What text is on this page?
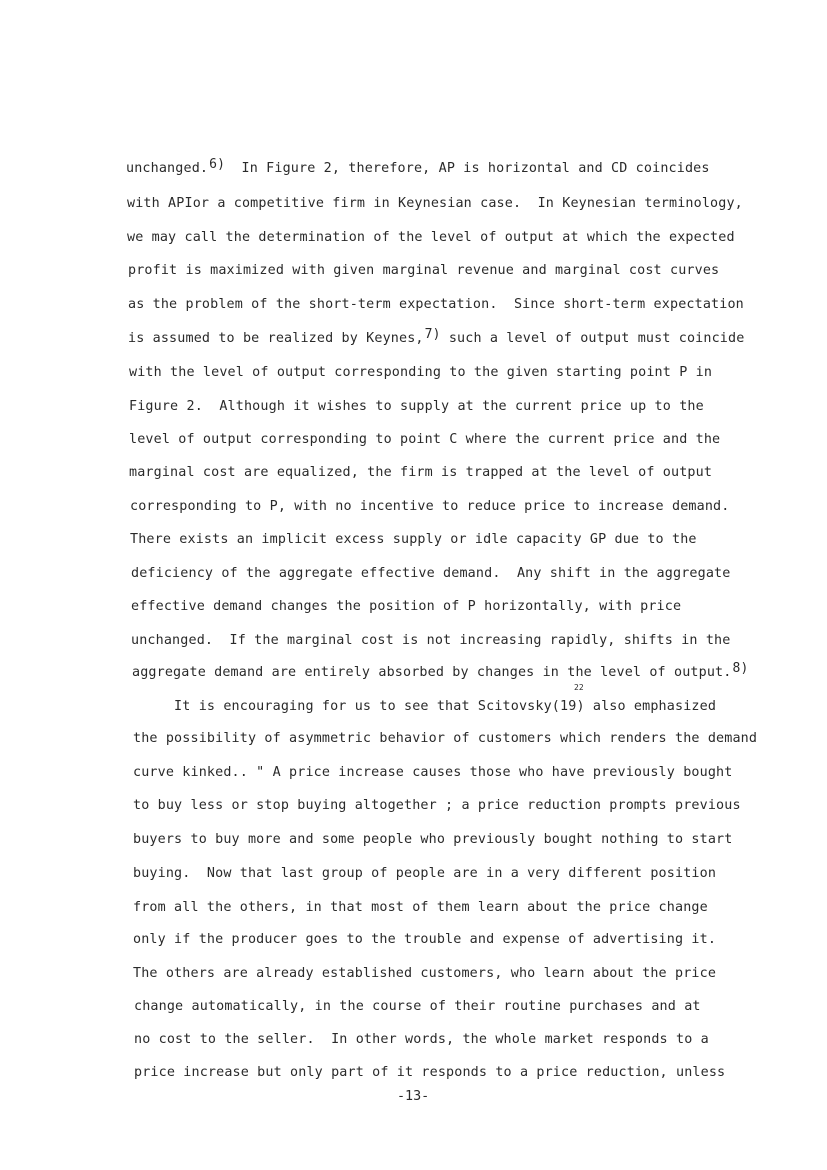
unchanged.$^{6)}$  In Figure 2, therefore, AP is horizontal and CD coincides
with APIor a competitive firm in Keynesian case.  In Keynesian terminology,
we may call the determination of the level of output at which the expected
profit is maximized with given marginal revenue and marginal cost curves
as the problem of the short-term expectation.  Since short-term expectation
is assumed to be realized by Keynes,$^{7)}$ such a level of output must coincide
with the level of output corresponding to the given starting point P in
Figure 2.  Although it wishes to supply at the current price up to the
level of output corresponding to point C where the current price and the
marginal cost are equalized, the firm is trapped at the level of output
corresponding to P, with no incentive to reduce price to increase demand.
There exists an implicit excess supply or idle capacity GP due to the
deficiency of the aggregate effective demand.  Any shift in the aggregate
effective demand changes the position of P horizontally, with price
unchanged.  If the marginal cost is not increasing rapidly, shifts in the
aggregate demand are entirely absorbed by changes in the level of output.$^{8)}$
22
It is encouraging for us to see that Scitovsky(19) also emphasized
the possibility of asymmetric behavior of customers which renders the demand
curve kinked.. " A price increase causes those who have previously bought
to buy less or stop buying altogether ; a price reduction prompts previous
buyers to buy more and some people who previously bought nothing to start
buying.  Now that last group of people are in a very different position
from all the others, in that most of them learn about the price change
only if the producer goes to the trouble and expense of advertising it.
The others are already established customers, who learn about the price
change automatically, in the course of their routine purchases and at
no cost to the seller.  In other words, the whole market responds to a
price increase but only part of it responds to a price reduction, unless
-13-
